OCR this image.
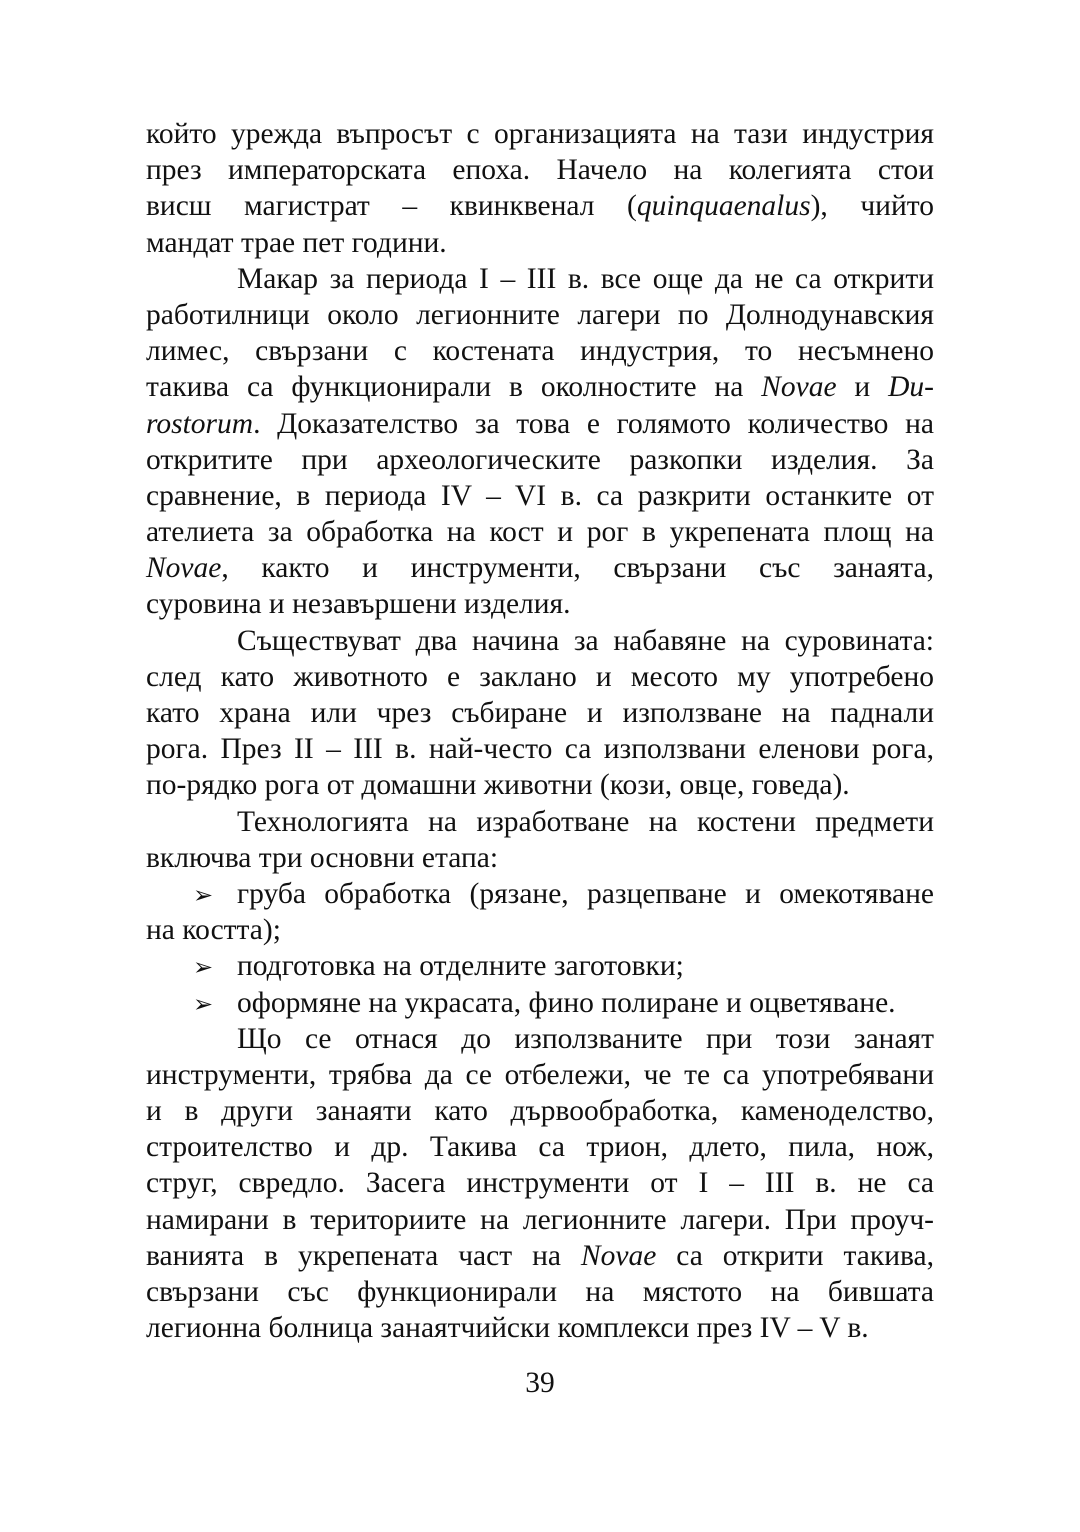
който урежда въпросът с организацията на тази индустрия
през императорската епоха. Начело на колегията стои
висш магистрат – квинквенал (quinquaenalus), чийто
мандат трае пет години.
Макар за периода I – III в. все още да не са открити
работилници около легионните лагери по Долнодунавския
лимес, свързани с костената индустрия, то несъмнено
такива са функционирали в околностите на Novae и Du-
rostorum. Доказателство за това е голямото количество на
откритите при археологическите разкопки изделия. За
сравнение, в периода IV – VI в. са разкрити останките от
ателиета за обработка на кост и рог в укрепената площ на
Novae, както и инструменти, свързани със занаята,
суровина и незавършени изделия.
Съществуват два начина за набавяне на суровината:
след като животното е заклано и месото му употребено
като храна или чрез събиране и използване на паднали
рога. През II – III в. най-често са използвани еленови рога,
по-рядко рога от домашни животни (кози, овце, говеда).
Технологията на изработване на костени предмети
включва три основни етапа:
➢ груба обработка (рязане, разцепване и омекотяване
на костта);
➢ подготовка на отделните заготовки;
➢ оформяне на украсата, фино полиране и оцветяване.
Що се отнася до използваните при този занаят
инструменти, трябва да се отбележи, че те са употребявани
и в други занаяти като дървообработка, каменоделство,
строителство и др. Такива са трион, длето, пила, нож,
струг, свредло. Засега инструменти от I – III в. не са
намирани в териториите на легионните лагери. При проуч-
ванията в укрепената част на Novae са открити такива,
свързани със функционирали на мястото на бившата
легионна болница занаятчийски комплекси през IV – V в.
39
